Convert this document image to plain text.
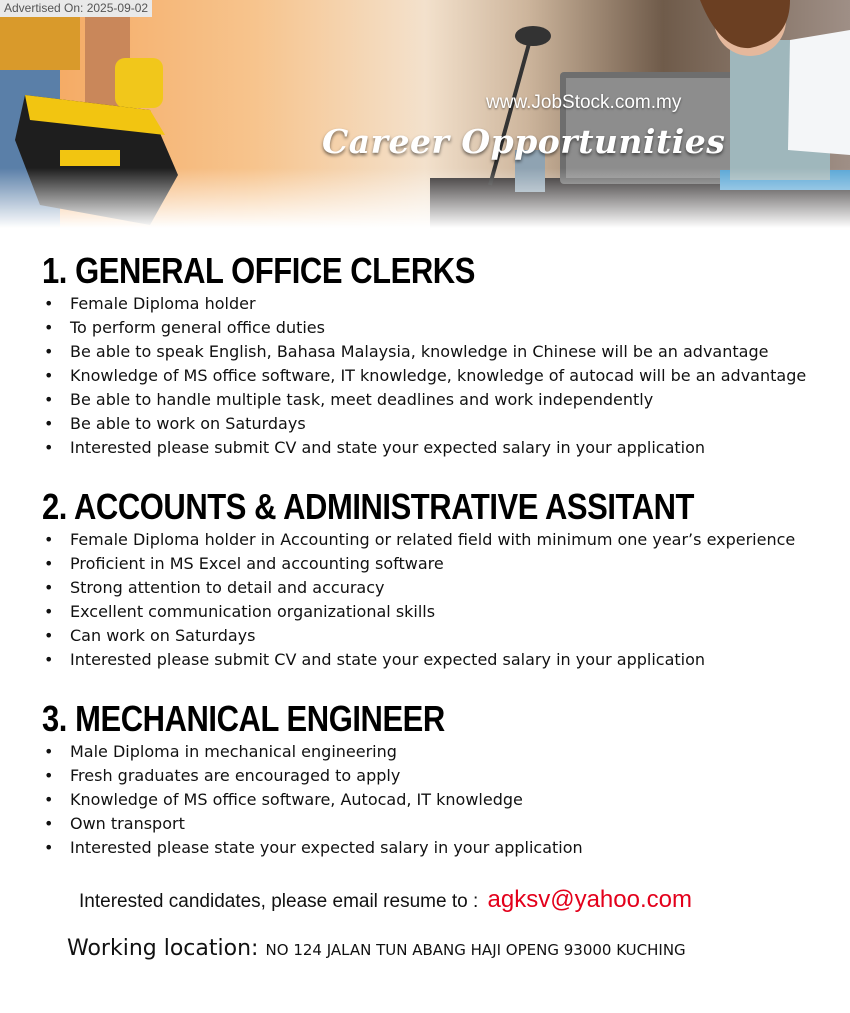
Advertised On: 2025-09-02
www.JobStock.com.my
Career Opportunities
1. GENERAL OFFICE CLERKS
• Female Diploma holder
• To perform general office duties
• Be able to speak English, Bahasa Malaysia, knowledge in Chinese will be an advantage
• Knowledge of MS office software, IT knowledge, knowledge of autocad will be an advantage
• Be able to handle multiple task, meet deadlines and work independently
• Be able to work on Saturdays
• Interested please submit CV and state your expected salary in your application
2. ACCOUNTS & ADMINISTRATIVE ASSITANT
• Female Diploma holder in Accounting or related field with minimum one year’s experience
• Proficient in MS Excel and accounting software
• Strong attention to detail and accuracy
• Excellent communication organizational skills
• Can work on Saturdays
• Interested please submit CV and state your expected salary in your application
3. MECHANICAL ENGINEER
• Male Diploma in mechanical engineering
• Fresh graduates are encouraged to apply
• Knowledge of MS office software, Autocad, IT knowledge
• Own transport
• Interested please state your expected salary in your application
Interested candidates, please email resume to : agksv@yahoo.com
Working location: NO 124 JALAN TUN ABANG HAJI OPENG 93000 KUCHING
